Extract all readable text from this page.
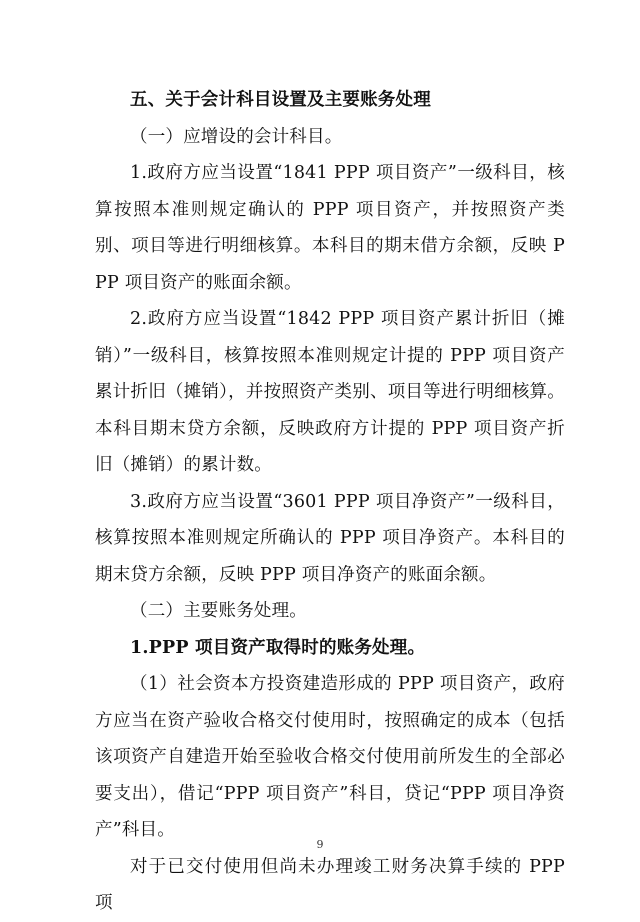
五、关于会计科目设置及主要账务处理

（一）应增设的会计科目。

1.政府方应当设置“1841 PPP 项目资产”一级科目，核算按照本准则规定确认的 PPP 项目资产，并按照资产类别、项目等进行明细核算。本科目的期末借方余额，反映 PPP 项目资产的账面余额。

2.政府方应当设置“1842 PPP 项目资产累计折旧（摊销）”一级科目，核算按照本准则规定计提的 PPP 项目资产累计折旧（摊销），并按照资产类别、项目等进行明细核算。本科目期末贷方余额，反映政府方计提的 PPP 项目资产折旧（摊销）的累计数。

3.政府方应当设置“3601 PPP 项目净资产”一级科目，核算按照本准则规定所确认的 PPP 项目净资产。本科目的期末贷方余额，反映 PPP 项目净资产的账面余额。

（二）主要账务处理。

1.PPP 项目资产取得时的账务处理。

（1）社会资本方投资建造形成的 PPP 项目资产，政府方应当在资产验收合格交付使用时，按照确定的成本（包括该项资产自建造开始至验收合格交付使用前所发生的全部必要支出），借记“PPP 项目资产”科目，贷记“PPP 项目净资产”科目。

对于已交付使用但尚未办理竣工财务决算手续的 PPP 项

9
